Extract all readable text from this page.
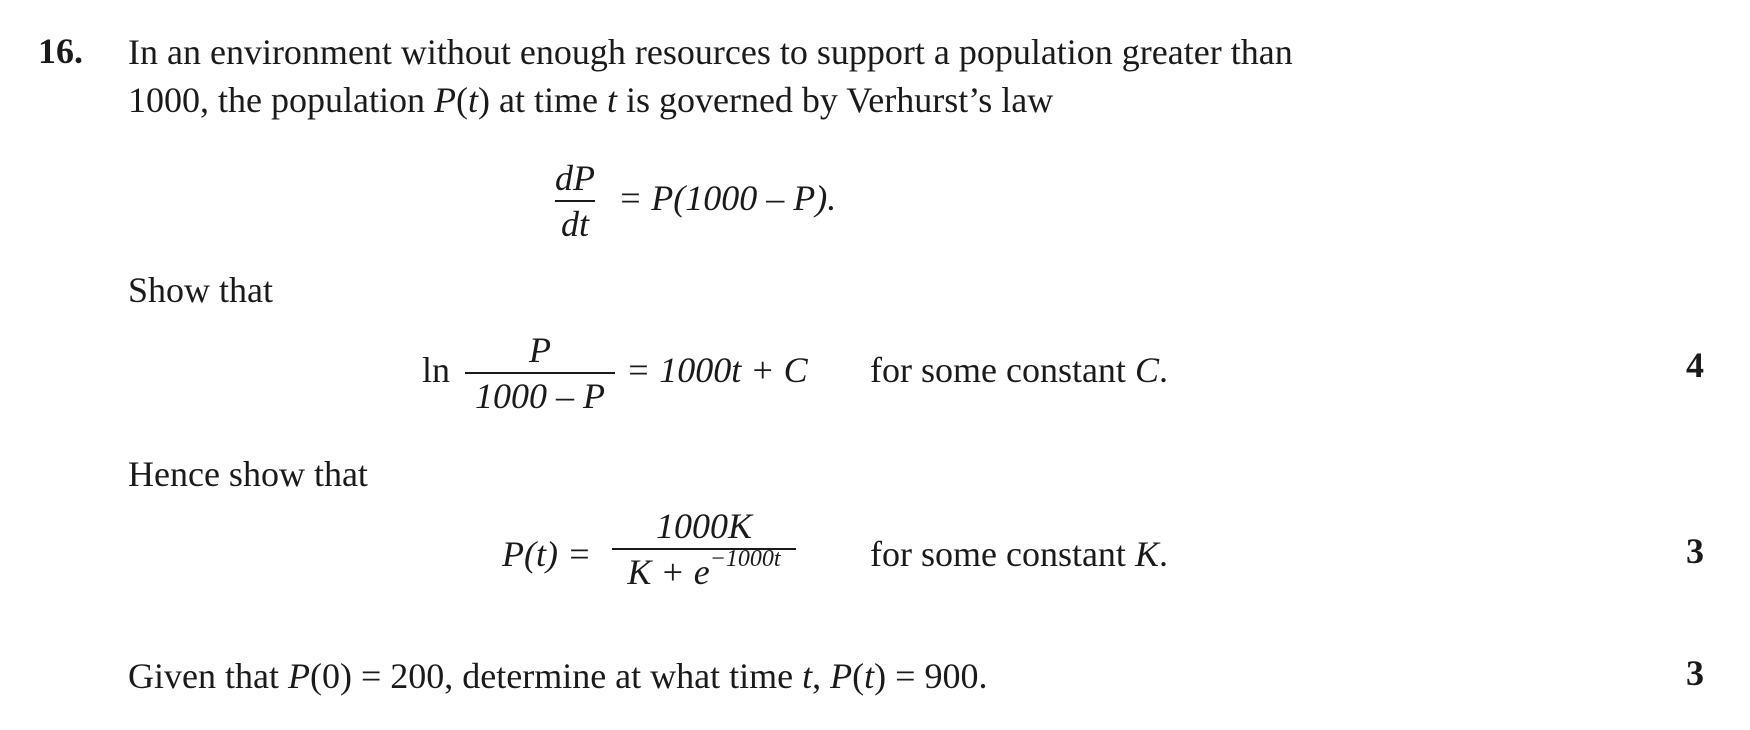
16. In an environment without enough resources to support a population greater than
1000, the population P(t) at time t is governed by Verhurst’s law
dP
dt
= P(1000 – P).
Show that
ln P
1000 – P
= 1000t + C for some constant C.	4
Hence show that
P(t) =
1000K
$K + e^{-1000t}$ for some constant K.	3
Given that P(0) = 200, determine at what time t, P(t) = 900.	3
